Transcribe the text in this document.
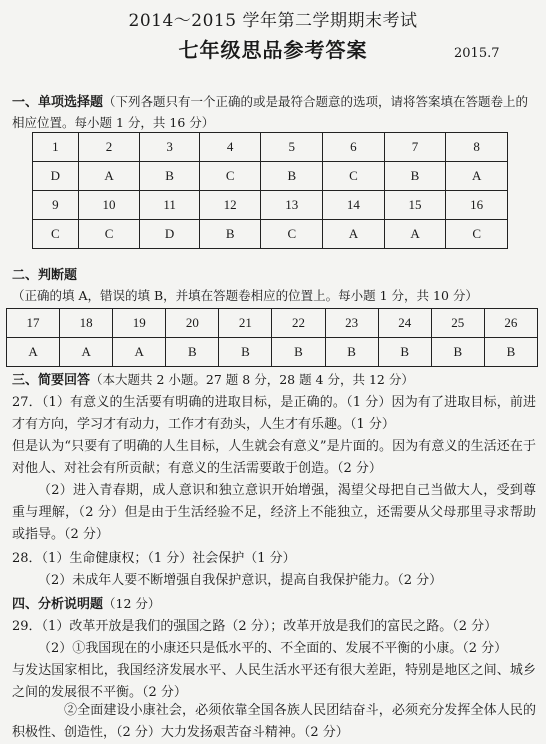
2014～2015 学年第二学期期末考试
七年级思品参考答案	2015.7
一、单项选择题（下列各题只有一个正确的或是最符合题意的选项，请将答案填在答题卷上的相应位置。每小题 1 分，共 16 分）
1	2	3	4	5	6	7	8
D	A	B	C	B	C	B	A
9	10	11	12	13	14	15	16
C	C	D	B	C	A	A	C
二、判断题（正确的填 A，错误的填 B，并填在答题卷相应的位置上。每小题 1 分，共 10 分）
17	18	19	20	21	22	23	24	25	26
A	A	A	B	B	B	B	B	B	B
三、简要回答（本大题共 2 小题。27 题 8 分，28 题 4 分，共 12 分）
27．（1）有意义的生活要有明确的进取目标，是正确的。（1 分）因为有了进取目标，前进才有方向，学习才有动力，工作才有劲头，人生才有乐趣。（1 分）
但是认为“只要有了明确的人生目标，人生就会有意义”是片面的。因为有意义的生活还在于对他人、对社会有所贡献；有意义的生活需要敢于创造。（2 分）
（2）进入青春期，成人意识和独立意识开始增强，渴望父母把自己当做大人，受到尊重与理解，（2 分）但是由于生活经验不足，经济上不能独立，还需要从父母那里寻求帮助或指导。（2 分）
28．（1）生命健康权；（1 分）社会保护（1 分）
（2）未成年人要不断增强自我保护意识，提高自我保护能力。（2 分）
四、分析说明题（12 分）
29．（1）改革开放是我们的强国之路（2 分）；改革开放是我们的富民之路。（2 分）
（2）①我国现在的小康还只是低水平的、不全面的、发展不平衡的小康。（2 分）
与发达国家相比，我国经济发展水平、人民生活水平还有很大差距，特别是地区之间、城乡之间的发展很不平衡。（2 分）
②全面建设小康社会，必须依靠全国各族人民团结奋斗，必须充分发挥全体人民的积极性、创造性，（2 分）大力发扬艰苦奋斗精神。（2 分）
